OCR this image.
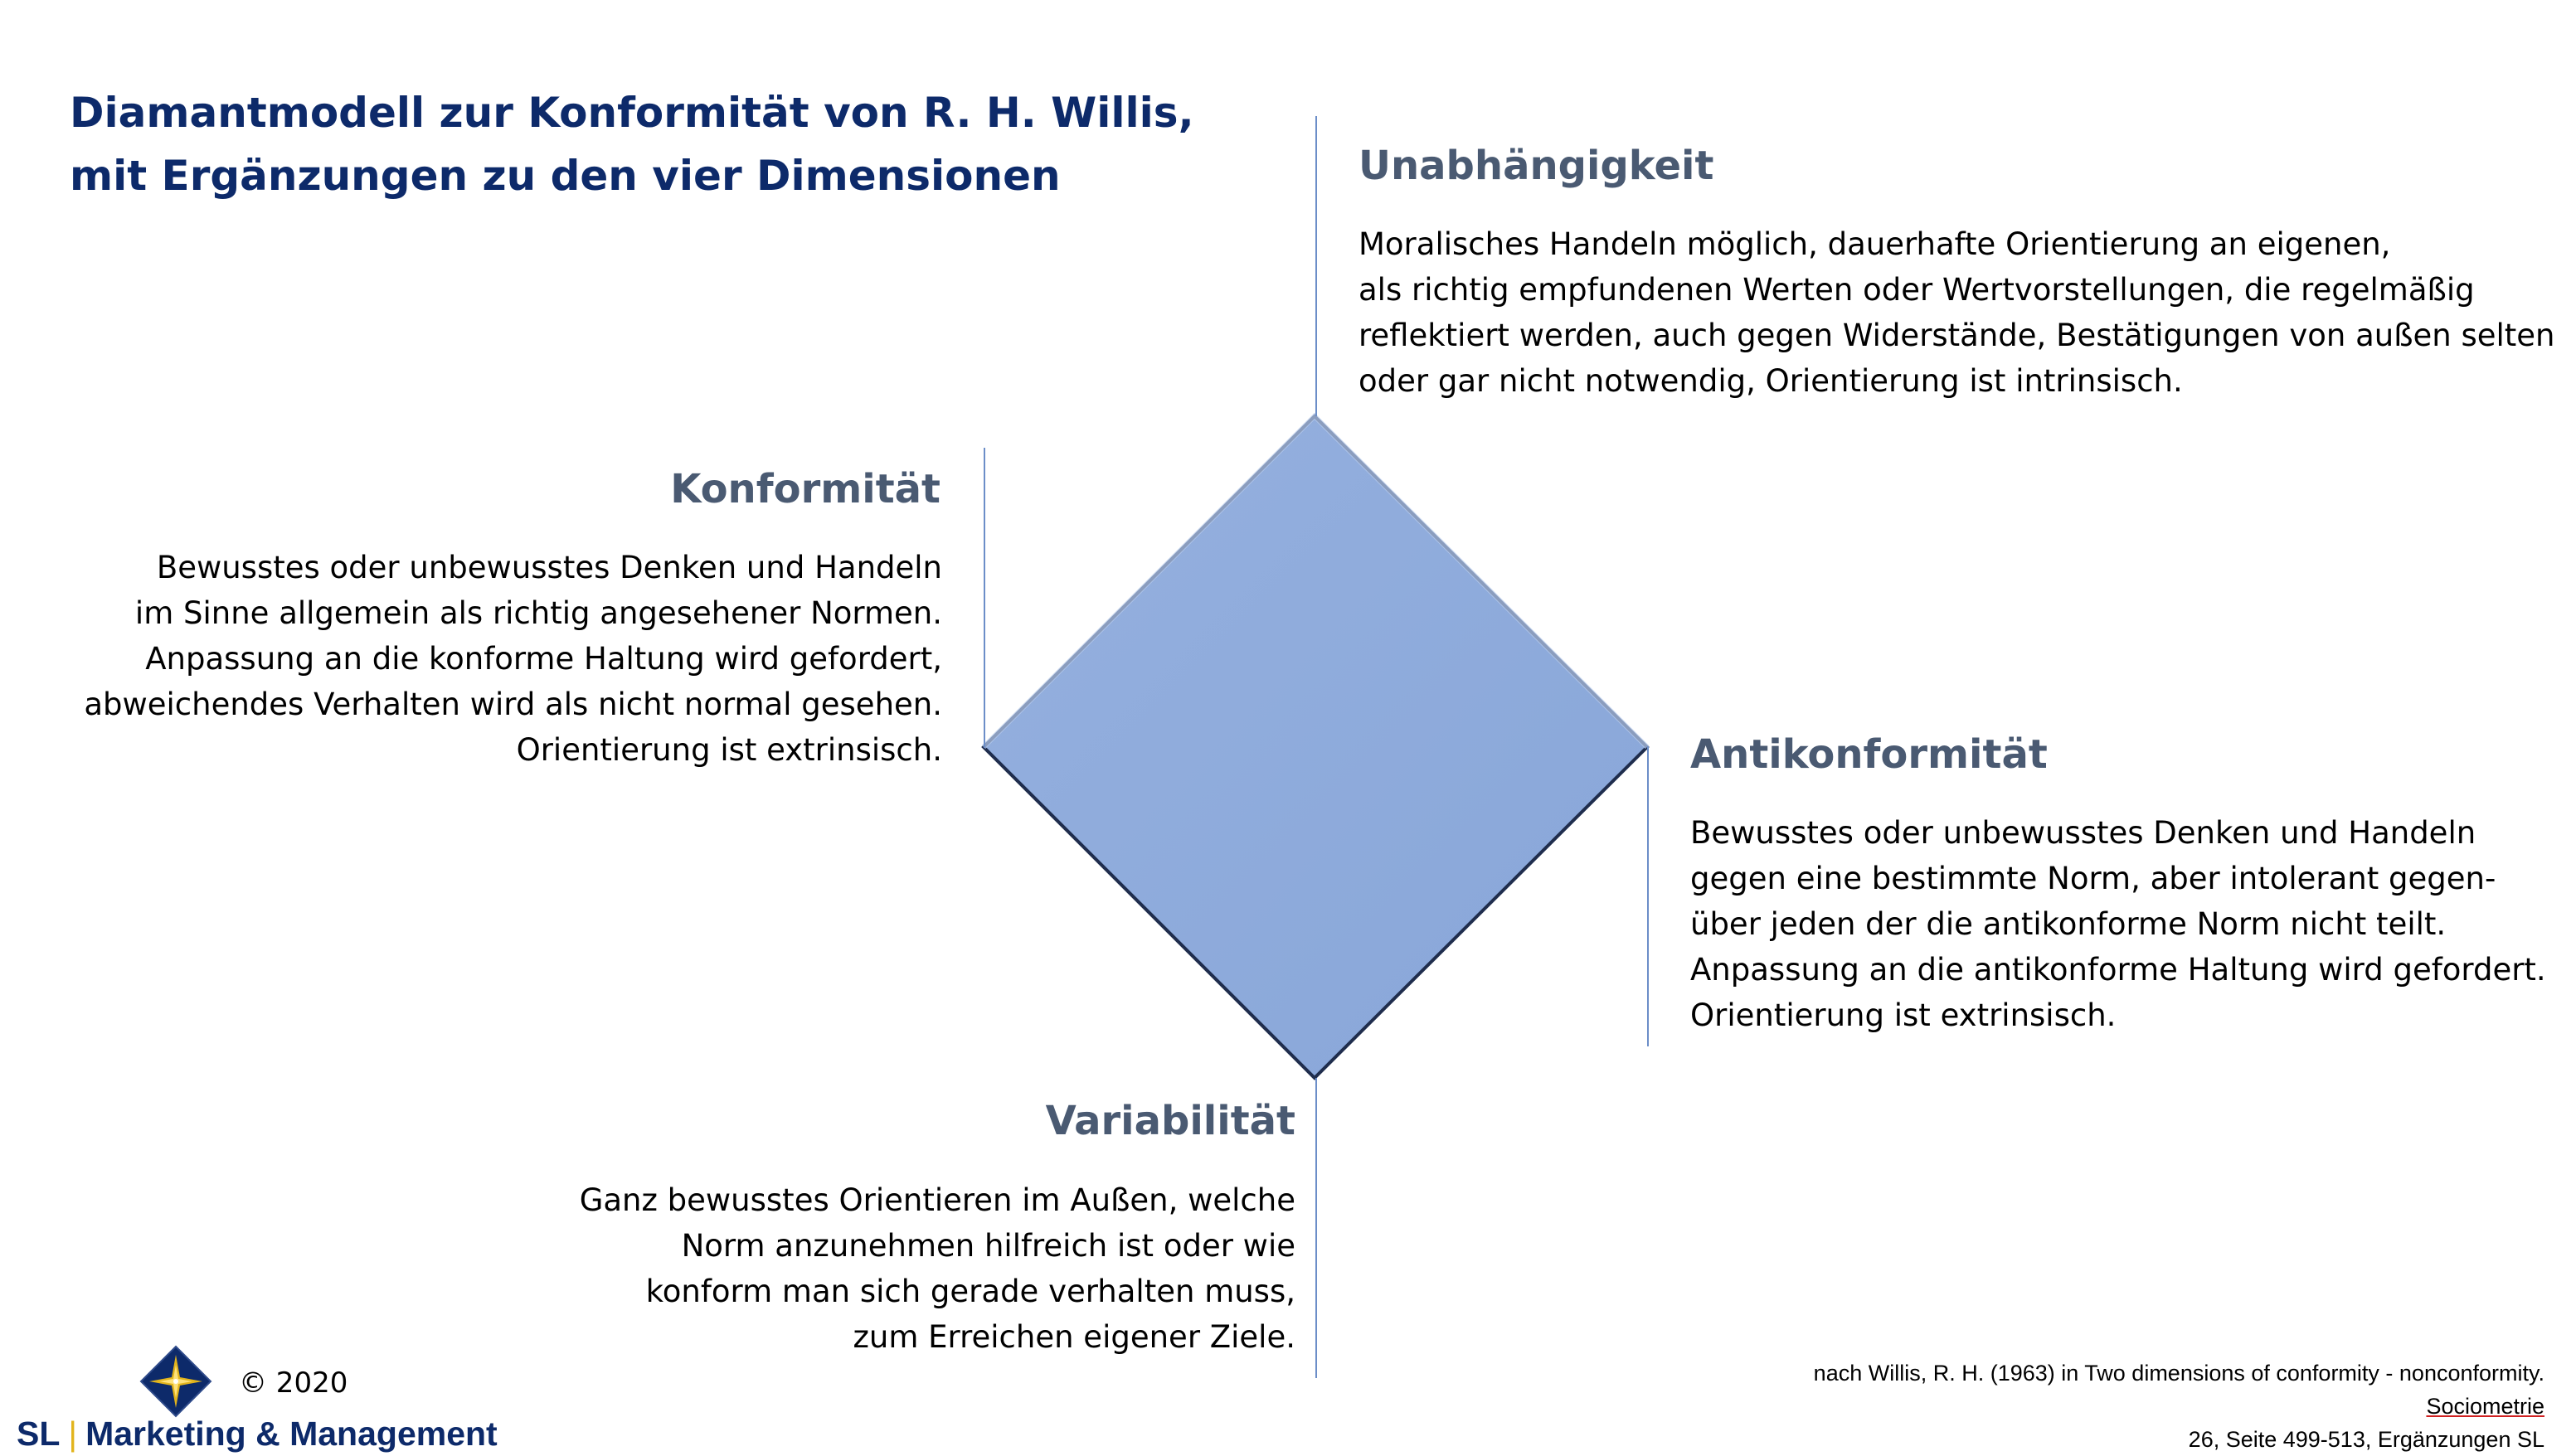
Diamantmodell zur Konformität von R. H. Willis,
mit Ergänzungen zu den vier Dimensionen	Unabhängigkeit
Moralisches Handeln möglich, dauerhafte Orientierung an eigenen,
als richtig empfundenen Werten oder Wertvorstellungen, die regelmäßig
reflektiert werden, auch gegen Widerstände, Bestätigungen von außen selten
oder gar nicht notwendig, Orientierung ist intrinsisch.
Konformität
Bewusstes oder unbewusstes Denken und Handeln
im Sinne allgemein als richtig angesehener Normen.
Anpassung an die konforme Haltung wird gefordert,
abweichendes Verhalten wird als nicht normal gesehen.
Orientierung ist extrinsisch.	Antikonformität
Bewusstes oder unbewusstes Denken und Handeln
gegen eine bestimmte Norm, aber intolerant gegen-
über jeden der die antikonforme Norm nicht teilt.
Anpassung an die antikonforme Haltung wird gefordert.
Orientierung ist extrinsisch.
Variabilität
Ganz bewusstes Orientieren im Außen, welche
Norm anzunehmen hilfreich ist oder wie
konform man sich gerade verhalten muss,
zum Erreichen eigener Ziele.
© 2020
SL | Marketing & Management
nach Willis, R. H. (1963) in Two dimensions of conformity - nonconformity.
Sociometrie
26, Seite 499-513, Ergänzungen SL
